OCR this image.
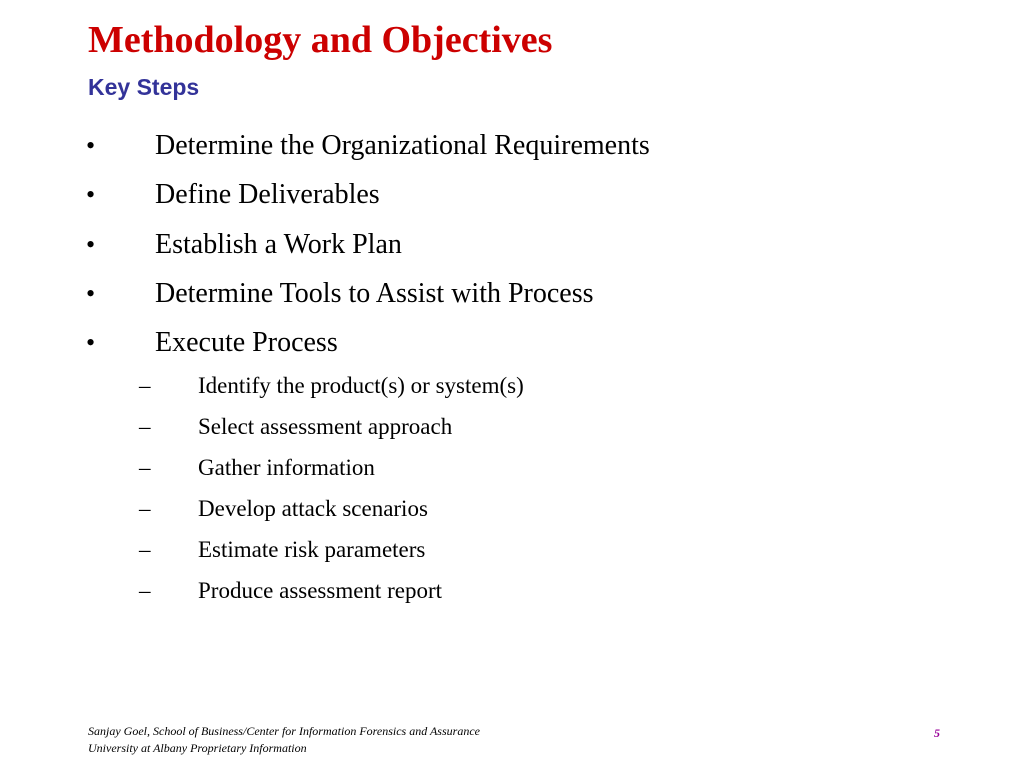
Methodology and Objectives
Key Steps
• Determine the Organizational Requirements
• Define Deliverables
• Establish a Work Plan
• Determine Tools to Assist with Process
• Execute Process
– Identify the product(s) or system(s)
– Select assessment approach
– Gather information
– Develop attack scenarios
– Estimate risk parameters
– Produce assessment report
Sanjay Goel, School of Business/Center for Information Forensics and Assurance
University at Albany Proprietary Information
5
